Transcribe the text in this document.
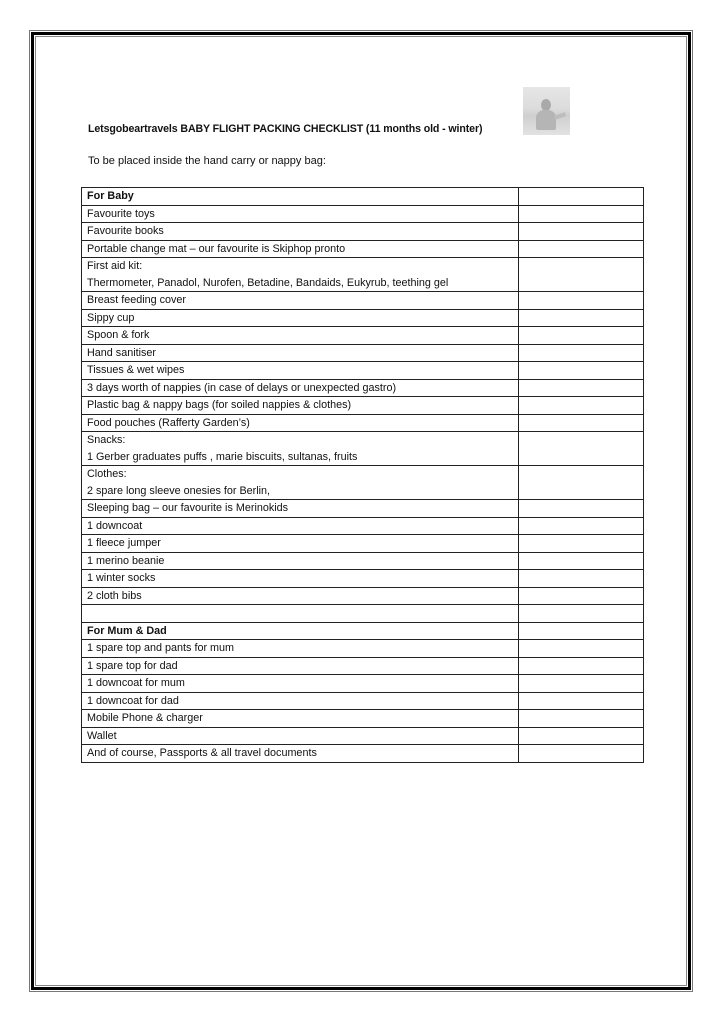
Letsgobeartravels BABY FLIGHT PACKING CHECKLIST (11 months old - winter)
To be placed inside the hand carry or nappy bag:
For Baby	

Favourite toys	

Favourite books	

Portable change mat – our favourite is Skiphop pronto	

First aid kit:
Thermometer, Panadol, Nurofen, Betadine, Bandaids, Eukyrub, teething gel	

Breast feeding cover	

Sippy cup	

Spoon & fork	

Hand sanitiser	

Tissues & wet wipes	

3 days worth of nappies (in case of delays or unexpected gastro)	

Plastic bag & nappy bags (for soiled nappies & clothes)	

Food pouches (Rafferty Garden’s)	

Snacks:
1 Gerber graduates puffs , marie biscuits, sultanas, fruits	

Clothes:
2 spare long sleeve onesies for Berlin,	

Sleeping bag – our favourite is Merinokids	

1 downcoat	

1 fleece jumper	

1 merino beanie	

1 winter socks	

2 cloth bibs	

For Mum & Dad	

1 spare top and pants for mum	

1 spare top for dad	

1 downcoat for mum	

1 downcoat for dad	

Mobile Phone & charger	

Wallet	

And of course, Passports & all travel documents	
